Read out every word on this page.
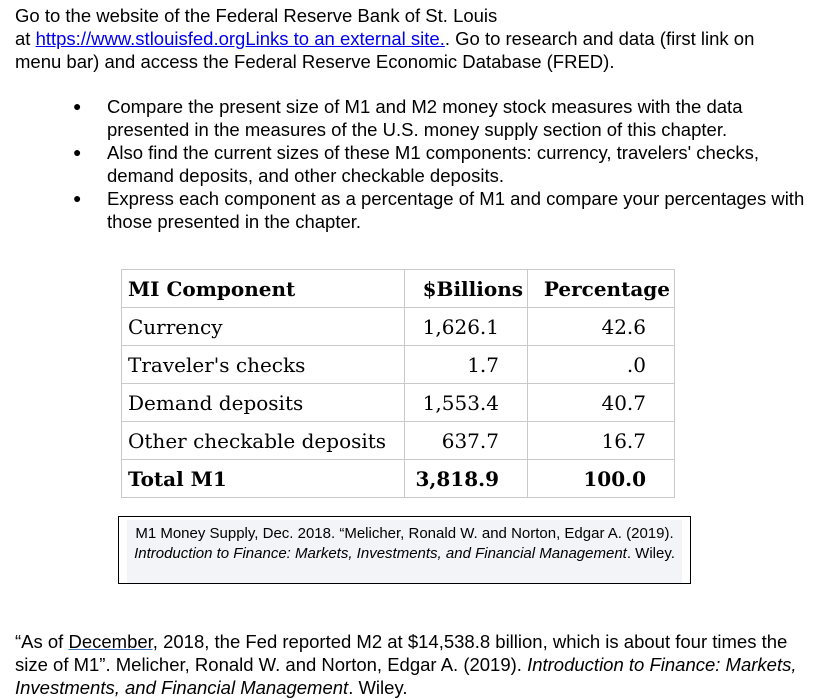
Go to the website of the Federal Reserve Bank of St. Louis
at https://www.stlouisfed.orgLinks to an external site.. Go to research and data (first link on menu bar) and access the Federal Reserve Economic Database (FRED).
● Compare the present size of M1 and M2 money stock measures with the data presented in the measures of the U.S. money supply section of this chapter.
● Also find the current sizes of these M1 components: currency, travelers' checks, demand deposits, and other checkable deposits.
● Express each component as a percentage of M1 and compare your percentages with those presented in the chapter.
MI Component	$Billions	Percentage
Currency	1,626.1	42.6
Traveler's checks	1.7	.0
Demand deposits	1,553.4	40.7
Other checkable deposits	637.7	16.7
Total M1	3,818.9	100.0
M1 Money Supply, Dec. 2018. “Melicher, Ronald W. and Norton, Edgar A. (2019). Introduction to Finance: Markets, Investments, and Financial Management. Wiley.
“As of December, 2018, the Fed reported M2 at $14,538.8 billion, which is about four times the size of M1”. Melicher, Ronald W. and Norton, Edgar A. (2019). Introduction to Finance: Markets, Investments, and Financial Management. Wiley.
